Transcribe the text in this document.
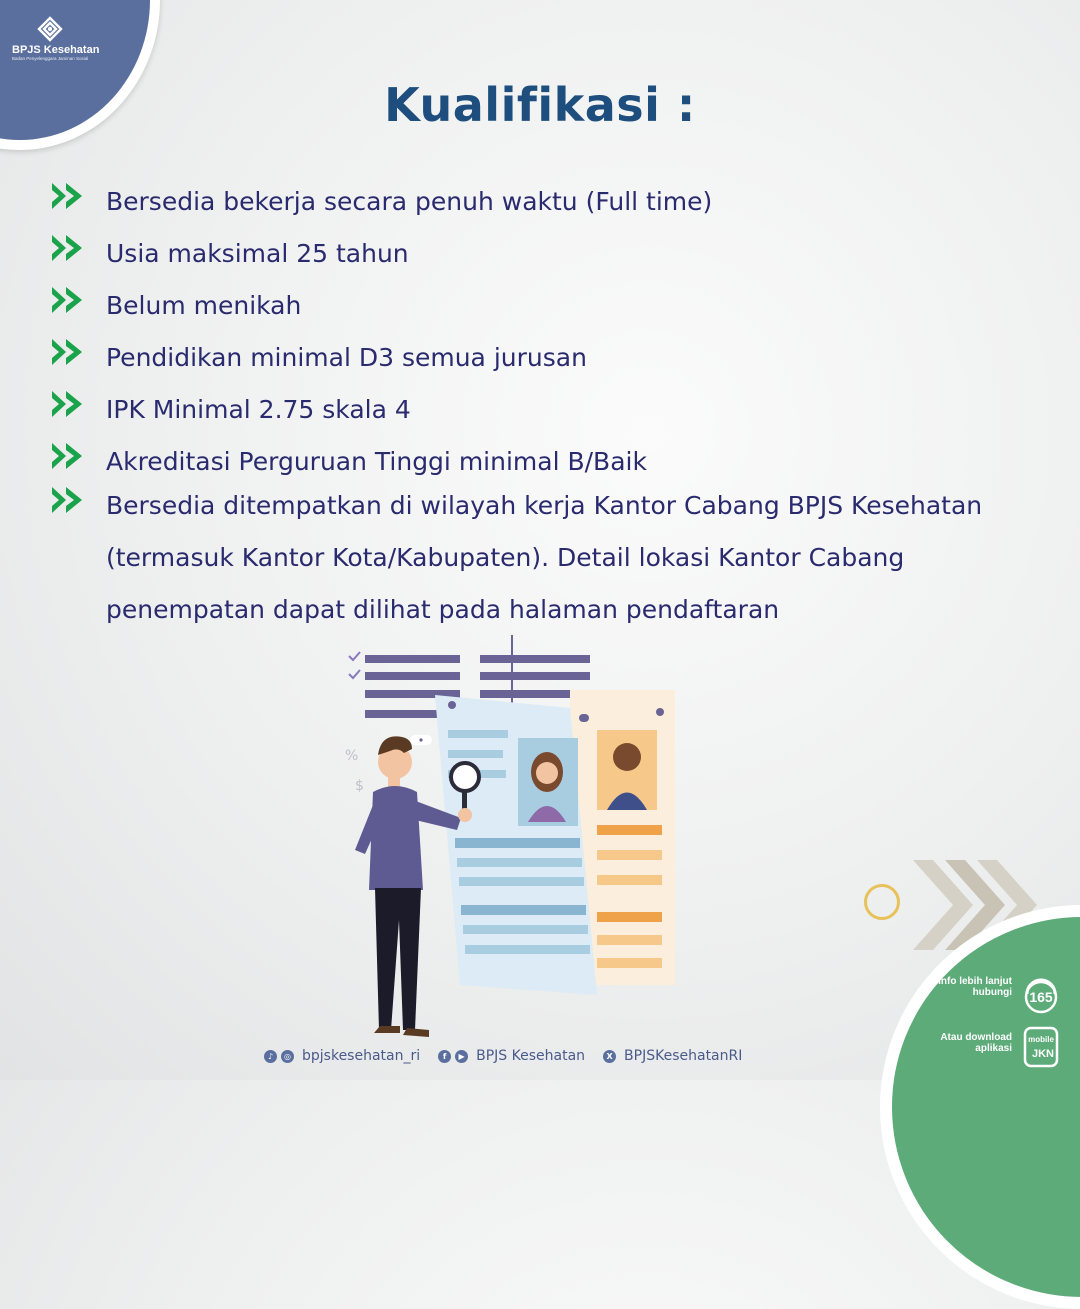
BPJS Kesehatan
Badan Penyelenggara Jaminan Sosial
Kualifikasi :
Bersedia bekerja secara penuh waktu (Full time)
Usia maksimal 25 tahun
Belum menikah
Pendidikan minimal D3 semua jurusan
IPK Minimal 2.75 skala 4
Akreditasi Perguruan Tinggi minimal B/Baik
Bersedia ditempatkan di wilayah kerja Kantor Cabang BPJS Kesehatan (termasuk Kantor Kota/Kabupaten). Detail lokasi Kantor Cabang penempatan dapat dilihat pada halaman pendaftaran
%
$
Info lebih lanjut hubungi 165
Atau download aplikasi
mobile
JKN
♪	◎ bpjskesehatan_ri	f	▶ BPJS Kesehatan	X BPJSKesehatanRI
